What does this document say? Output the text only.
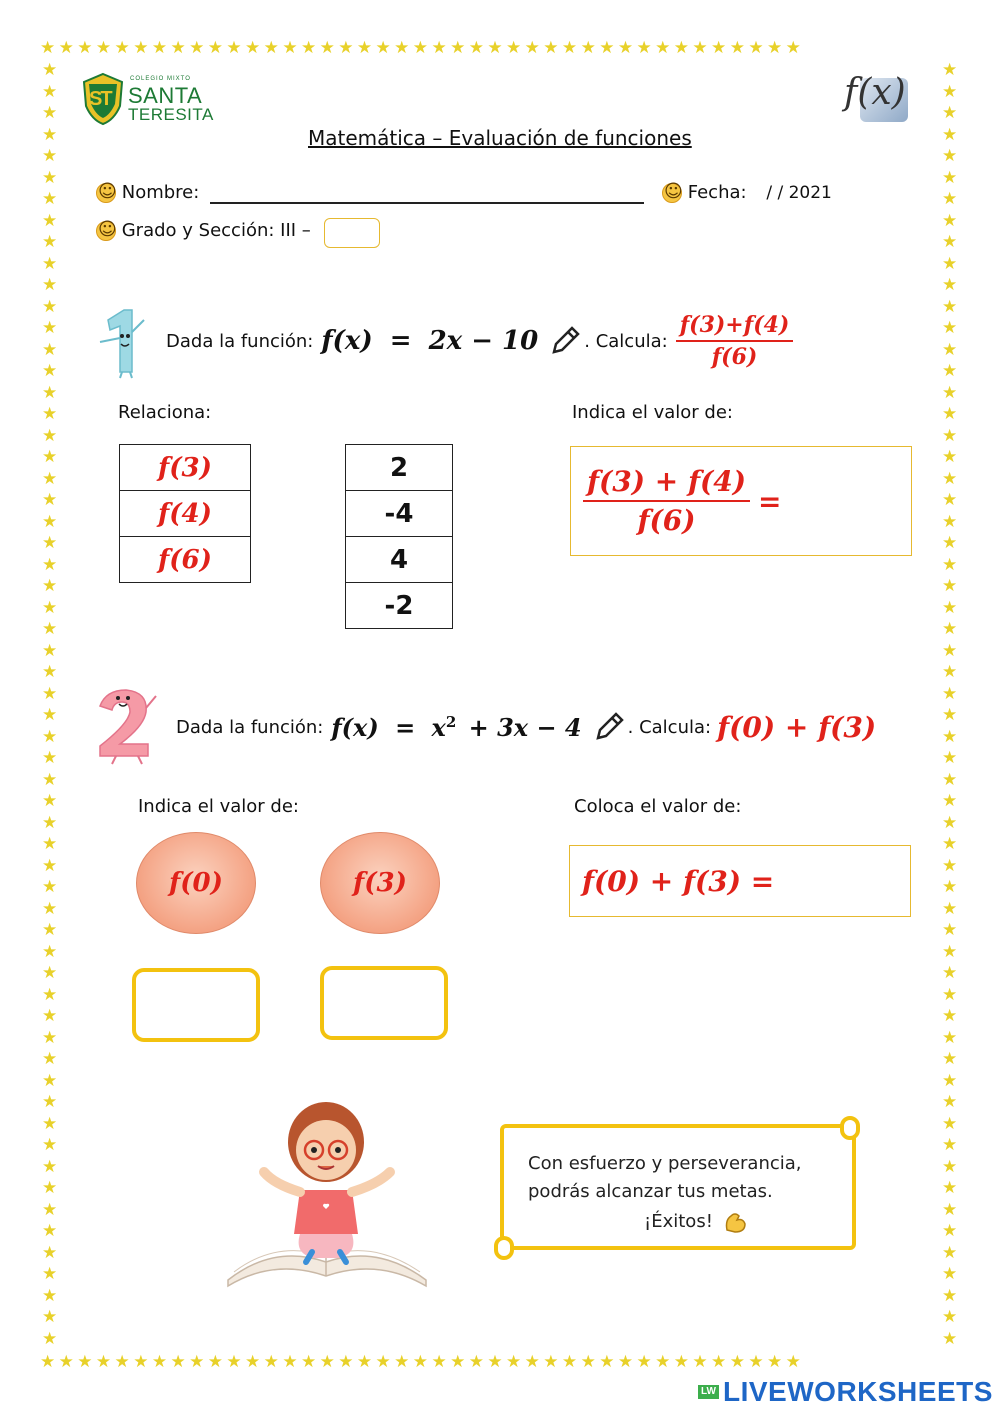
★★★★★★★★★★★★★★★★★★★★★★★★★★★★★★★★★★★★★★★★★
★★★★★★★★★★★★★★★★★★★★★★★★★★★★★★★★★★★★★★★★★
★ ★ ★ ★ ★ ★ ★ ★ ★ ★ ★ ★ ★ ★ ★ ★ ★ ★ ★ ★ ★ ★ ★ ★ ★ ★ ★ ★ ★ ★ ★ ★ ★ ★ ★ ★ ★ ★ ★ ★ ★ ★ ★ ★ ★ ★ ★ ★ ★ ★ ★ ★ ★ ★ ★ ★ ★ ★ ★ ★
★ ★ ★ ★ ★ ★ ★ ★ ★ ★ ★ ★ ★ ★ ★ ★ ★ ★ ★ ★ ★ ★ ★ ★ ★ ★ ★ ★ ★ ★ ★ ★ ★ ★ ★ ★ ★ ★ ★ ★ ★ ★ ★ ★ ★ ★ ★ ★ ★ ★ ★ ★ ★ ★ ★ ★ ★ ★ ★ ★
ST
COLEGIO MIXTO
SANTA
TERESITA
f(x)
Matemática – Evaluación de funciones
☺ Nombre:
☺	Fecha: / / 2021
☺ Grado y Sección: III –
Dada la función: f(x) = 2x − 10	. Calcula: $\frac{f(3)+f(4)}{f(6)}$
Relaciona:
f(3)
f(4)
f(6)
2
-4
4
-2
Indica el valor de:
$\frac{f(3) + f(4)}{f(6)}$ =
Dada la función: $f(x) = x^2 + 3x - 4$	. Calcula: f(0) + f(3)
Indica el valor de:
f(0)	f(3)
Coloca el valor de:
f(0) + f(3) =
Con esfuerzo y perseverancia,
podrás alcanzar tus metas.
¡Éxitos!
LW LIVEWORKSHEETS
